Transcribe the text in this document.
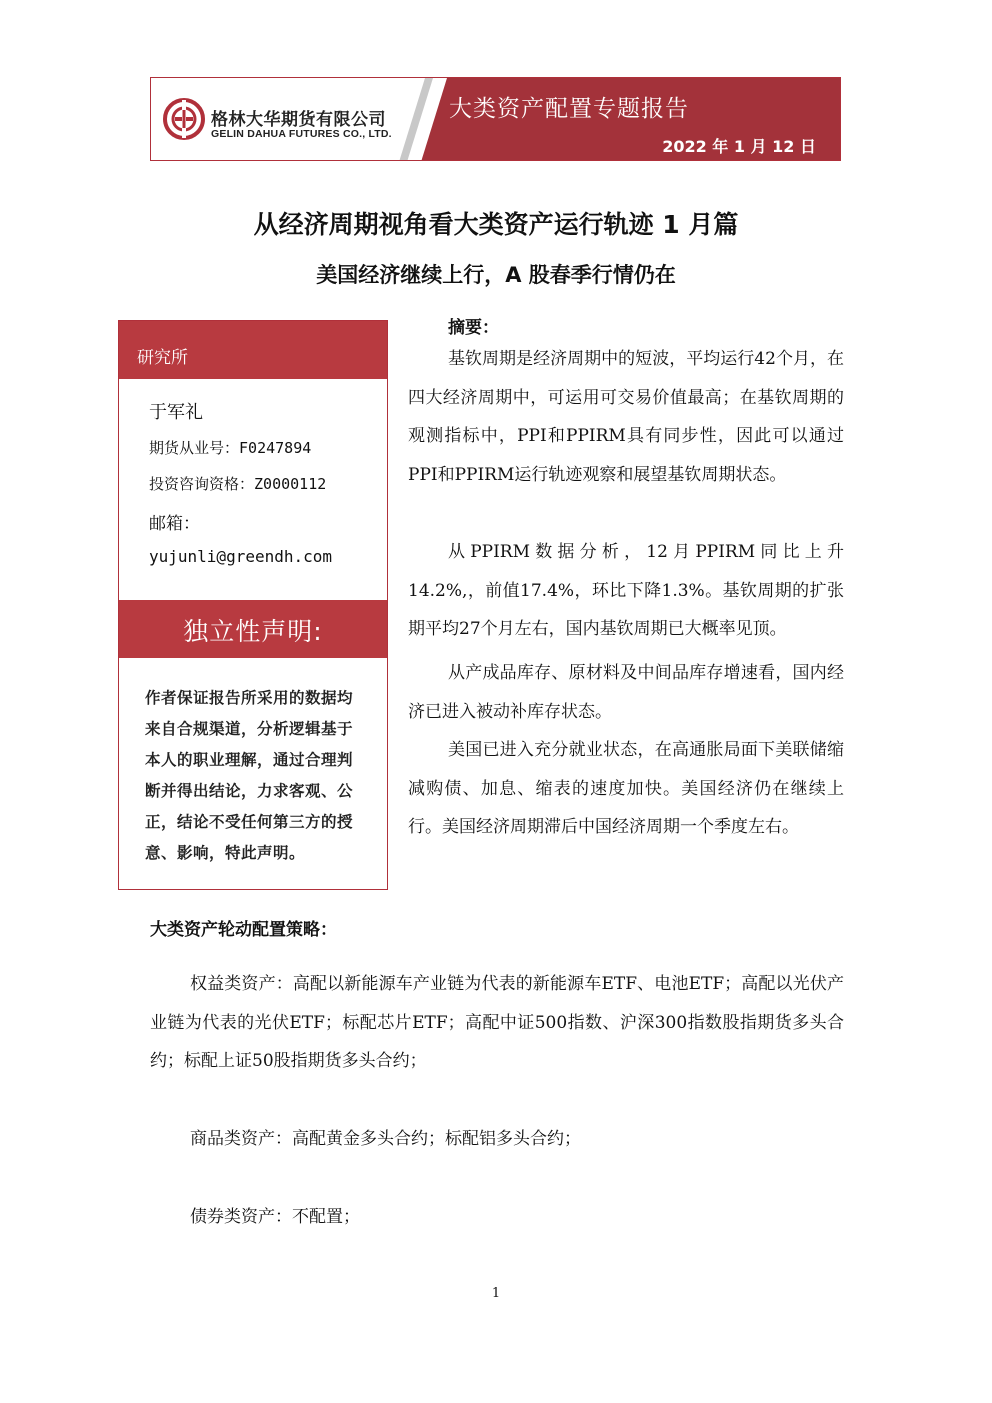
格林大华期货有限公司
GELIN DAHUA FUTURES CO., LTD.
大类资产配置专题报告
2022 年 1 月 12 日
从经济周期视角看大类资产运行轨迹 1 月篇
美国经济继续上行，A 股春季行情仍在
研究所
于军礼
期货从业号：F0247894
投资咨询资格：Z0000112
邮箱：
yujunli@greendh.com
独立性声明:
作者保证报告所采用的数据均来自合规渠道，分析逻辑基于本人的职业理解，通过合理判断并得出结论，力求客观、公正，结论不受任何第三方的授意、影响，特此声明。
摘要：

基钦周期是经济周期中的短波，平均运行42个月，在四大经济周期中，可运用可交易价值最高；在基钦周期的观测指标中，PPI和PPIRM具有同步性，因此可以通过PPI和PPIRM运行轨迹观察和展望基钦周期状态。

从PPIRM数据分析，12月PPIRM同比上升14.2%,，前值17.4%，环比下降1.3%。基钦周期的扩张期平均27个月左右，国内基钦周期已大概率见顶。

从产成品库存、原材料及中间品库存增速看，国内经济已进入被动补库存状态。

美国已进入充分就业状态，在高通胀局面下美联储缩减购债、加息、缩表的速度加快。美国经济仍在继续上行。美国经济周期滞后中国经济周期一个季度左右。

大类资产轮动配置策略：

权益类资产：高配以新能源车产业链为代表的新能源车ETF、电池ETF；高配以光伏产业链为代表的光伏ETF；标配芯片ETF；高配中证500指数、沪深300指数股指期货多头合约；标配上证50股指期货多头合约；

商品类资产：高配黄金多头合约；标配铝多头合约；

债券类资产：不配置；

1
